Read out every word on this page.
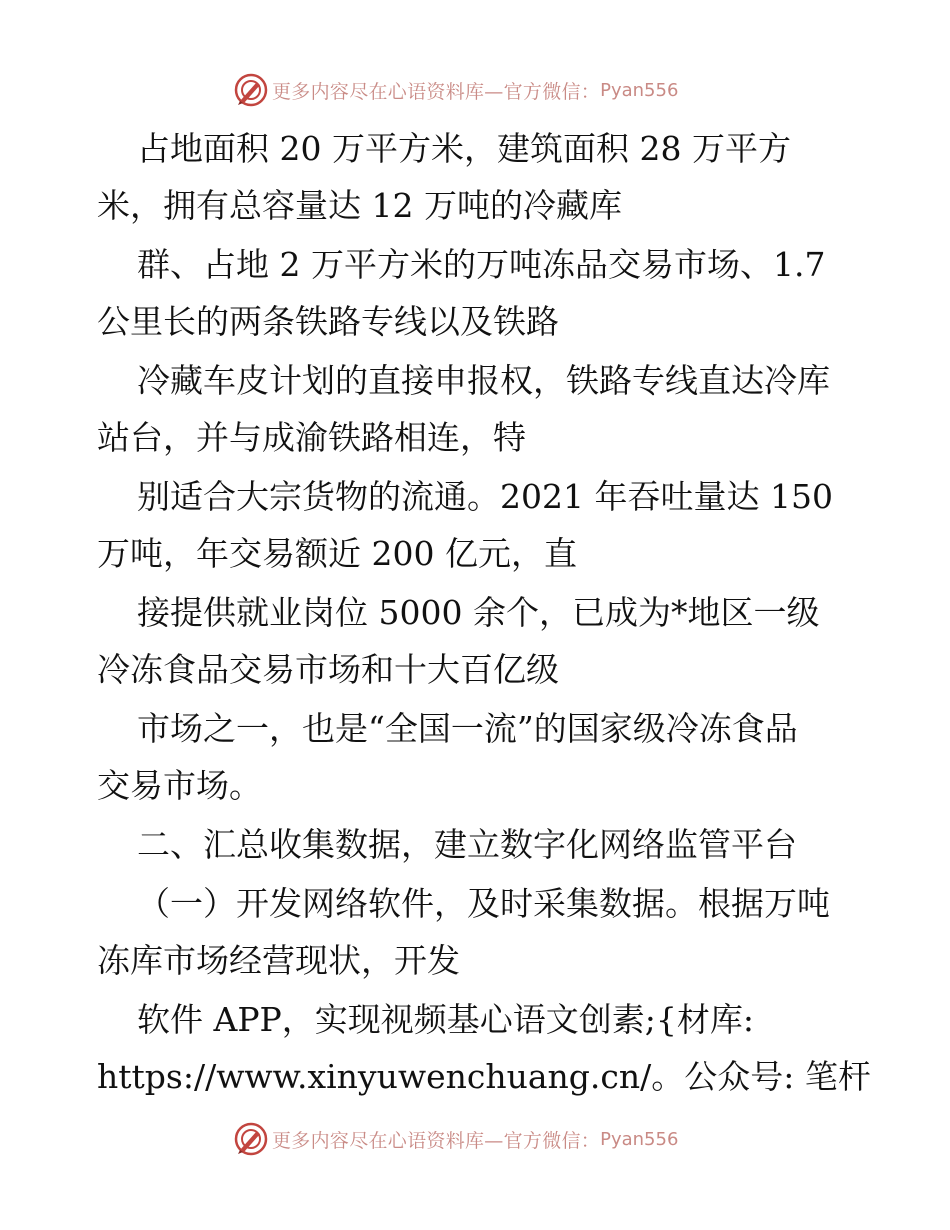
更多内容尽在心语资料库—官方微信： Pyan556
占地面积 20 万平方米，建筑面积 28 万平方
米，拥有总容量达 12 万吨的冷藏库
群、占地 2 万平方米的万吨冻品交易市场、1.7
公里长的两条铁路专线以及铁路
冷藏车皮计划的直接申报权，铁路专线直达冷库
站台，并与成渝铁路相连，特
别适合大宗货物的流通。2021 年吞吐量达 150
万吨，年交易额近 200 亿元，直
接提供就业岗位 5000 余个，已成为*地区一级
冷冻食品交易市场和十大百亿级
市场之一，也是“全国一流”的国家级冷冻食品
交易市场。
二、汇总收集数据，建立数字化网络监管平台
（一）开发网络软件，及时采集数据。根据万吨
冻库市场经营现状，开发
软件 APP，实现视频基心语文创素;{材库:
https://www.xinyuwenchuang.cn/。公众号: 笔杆
更多内容尽在心语资料库—官方微信： Pyan556
